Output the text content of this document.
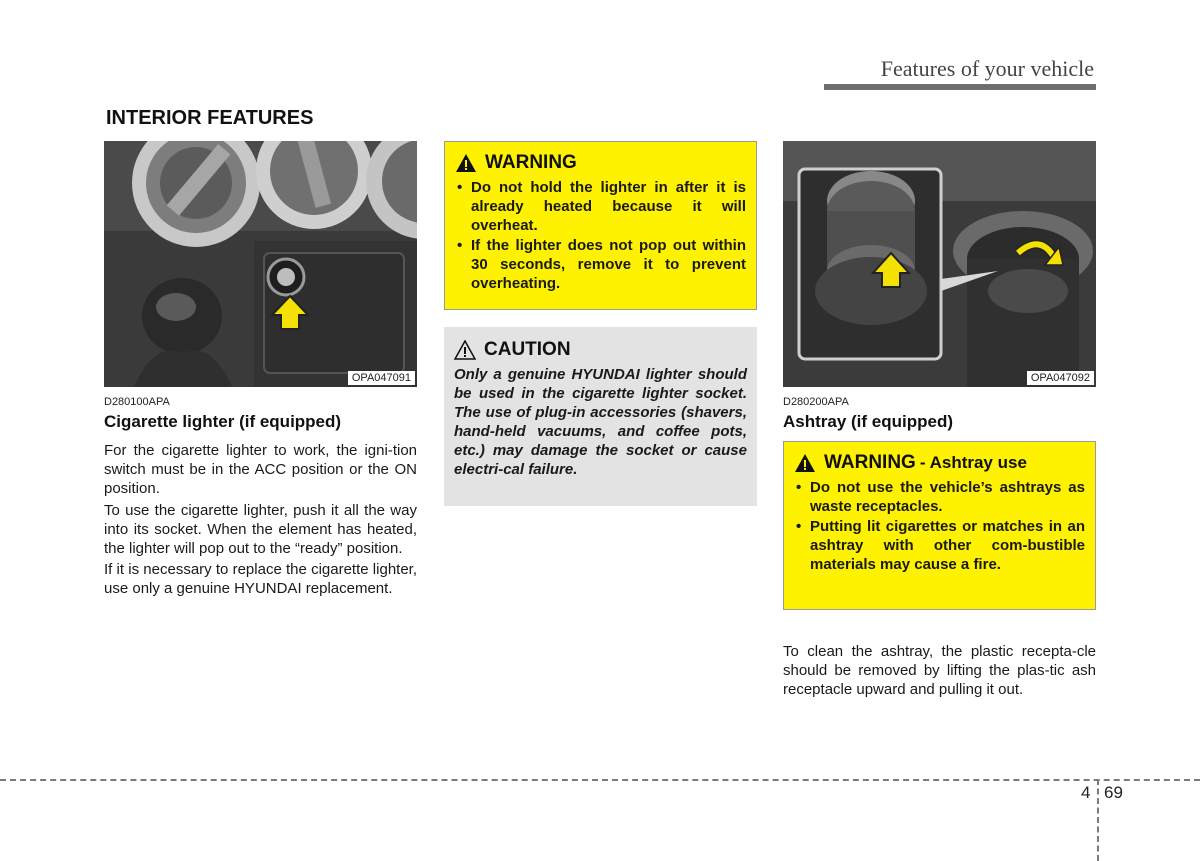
Features of your vehicle
INTERIOR FEATURES
OPA047091
D280100APA
Cigarette lighter (if equipped)

For the cigarette lighter to work, the igni-tion switch must be in the ACC position or the ON position.

To use the cigarette lighter, push it all the way into its socket. When the element has heated, the lighter will pop out to the “ready” position.

If it is necessary to replace the cigarette lighter, use only a genuine HYUNDAI replacement.

WARNING
• Do not hold the lighter in after it is already heated because it will overheat.
• If the lighter does not pop out within 30 seconds, remove it to prevent overheating.
CAUTION
Only a genuine HYUNDAI lighter should be used in the cigarette lighter socket. The use of plug-in accessories (shavers, hand-held vacuums, and coffee pots, etc.) may damage the socket or cause electri-cal failure.
OPA047092
D280200APA
Ashtray (if equipped)
WARNING - Ashtray use
• Do not use the vehicle’s ashtrays as waste receptacles.
• Putting lit cigarettes or matches in an ashtray with other com-bustible materials may cause a fire.
To clean the ashtray, the plastic recepta-cle should be removed by lifting the plas-tic ash receptacle upward and pulling it out.
4 69
